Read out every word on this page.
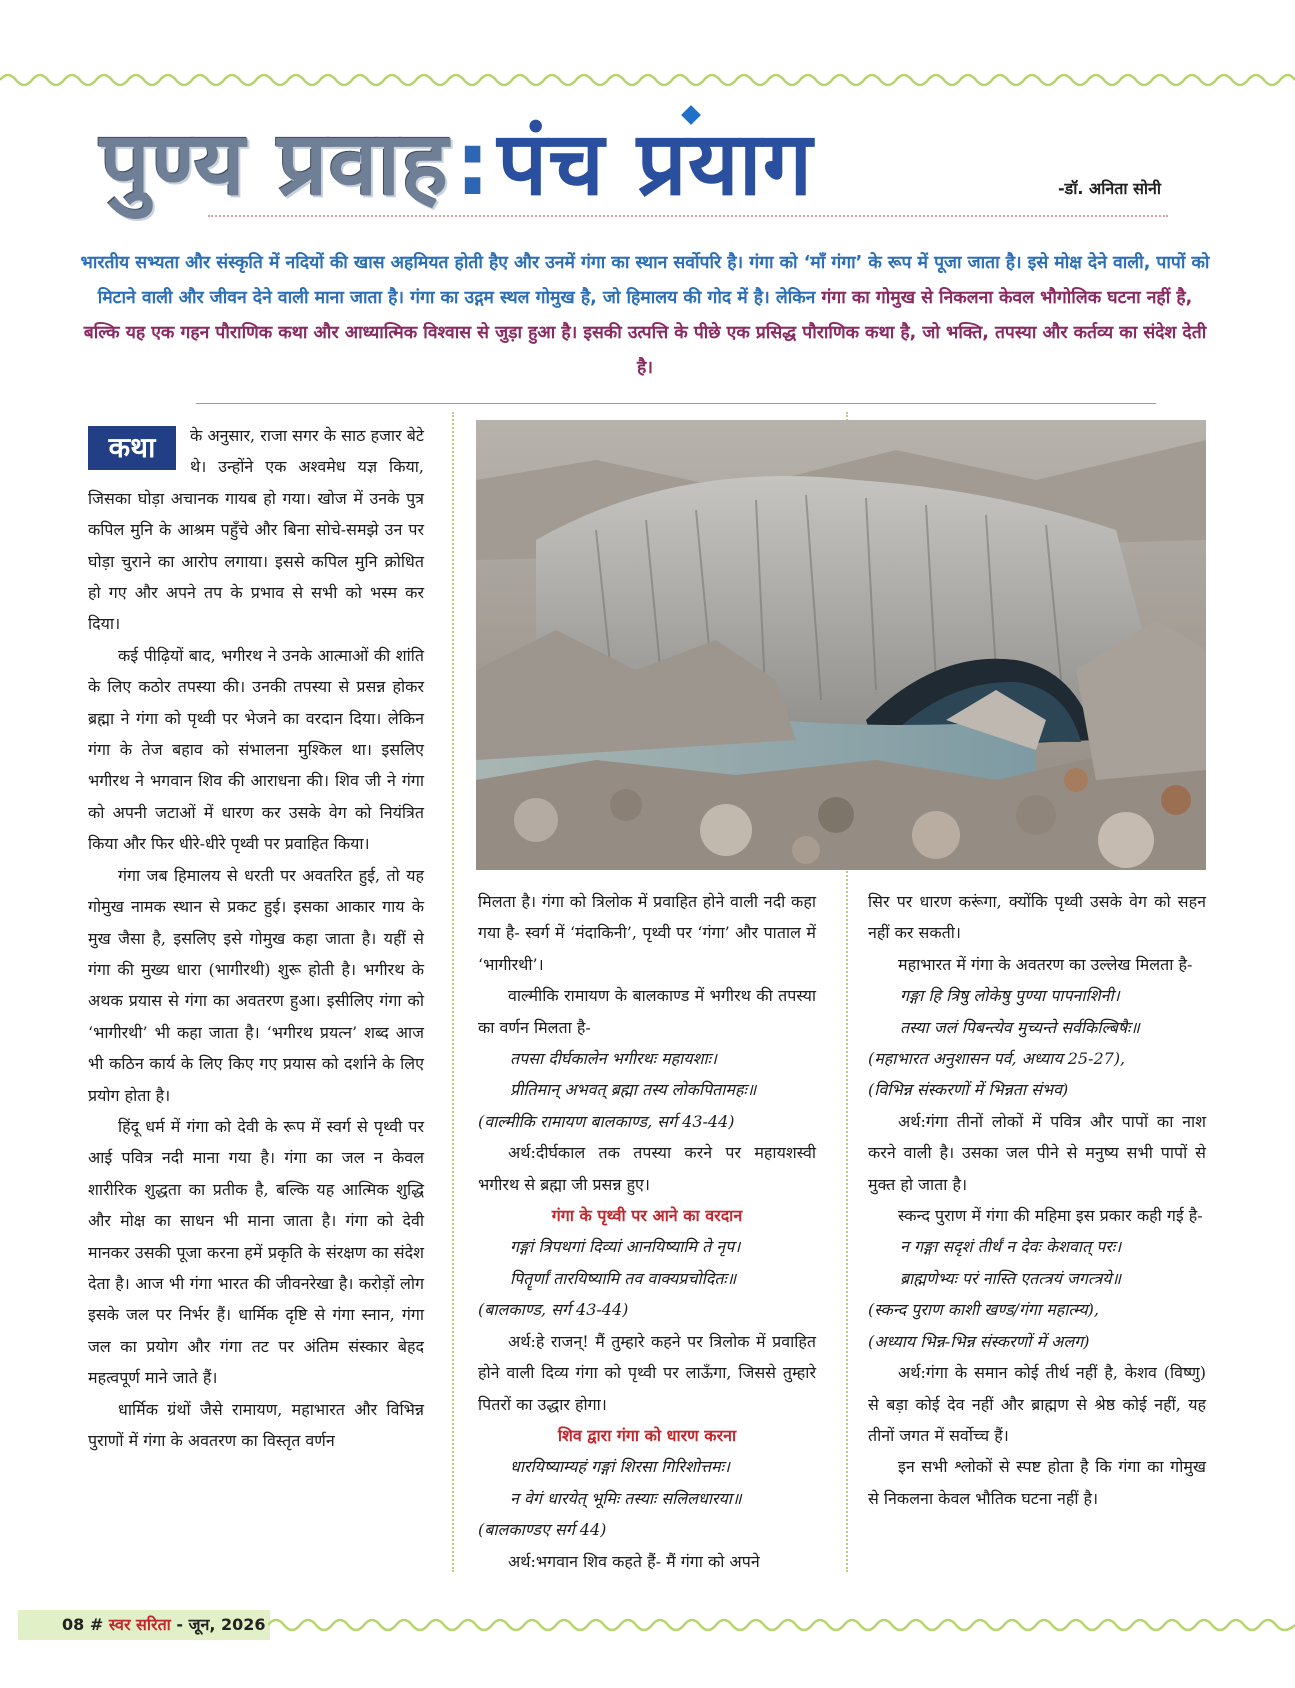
पुण्य प्रवाह:पंच प्रयाग	-डॉ. अनिता सोनी

भारतीय सभ्यता और संस्कृति में नदियों की खास अहमियत होती हैए और उनमें गंगा का स्थान सर्वोपरि है। गंगा को ‘माँ गंगा’ के रूप में पूजा जाता है। इसे मोक्ष देने वाली, पापों को मिटाने वाली और जीवन देने वाली माना जाता है। गंगा का उद्गम स्थल गोमुख है, जो हिमालय की गोद में है। लेकिन गंगा का गोमुख से निकलना केवल भौगोलिक घटना नहीं है, बल्कि यह एक गहन पौराणिक कथा और आध्यात्मिक विश्वास से जुड़ा हुआ है। इसकी उत्पत्ति के पीछे एक प्रसिद्ध पौराणिक कथा है, जो भक्ति, तपस्या और कर्तव्य का संदेश देती है।

कथा	के अनुसार, राजा सगर के साठ हजार बेटे थे। उन्होंने एक अश्वमेध यज्ञ किया, जिसका घोड़ा अचानक गायब हो गया। खोज में उनके पुत्र कपिल मुनि के आश्रम पहुँचे और बिना सोचे-समझे उन पर घोड़ा चुराने का आरोप लगाया। इससे कपिल मुनि क्रोधित हो गए और अपने तप के प्रभाव से सभी को भस्म कर दिया।

कई पीढ़ियों बाद, भगीरथ ने उनके आत्माओं की शांति के लिए कठोर तपस्या की। उनकी तपस्या से प्रसन्न होकर ब्रह्मा ने गंगा को पृथ्वी पर भेजने का वरदान दिया। लेकिन गंगा के तेज बहाव को संभालना मुश्किल था। इसलिए भगीरथ ने भगवान शिव की आराधना की। शिव जी ने गंगा को अपनी जटाओं में धारण कर उसके वेग को नियंत्रित किया और फिर धीरे-धीरे पृथ्वी पर प्रवाहित किया।

गंगा जब हिमालय से धरती पर अवतरित हुई, तो यह गोमुख नामक स्थान से प्रकट हुई। इसका आकार गाय के मुख जैसा है, इसलिए इसे गोमुख कहा जाता है। यहीं से गंगा की मुख्य धारा (भागीरथी) शुरू होती है। भगीरथ के अथक प्रयास से गंगा का अवतरण हुआ। इसीलिए गंगा को ‘भागीरथी’ भी कहा जाता है। ‘भगीरथ प्रयत्न’ शब्द आज भी कठिन कार्य के लिए किए गए प्रयास को दर्शाने के लिए प्रयोग होता है।

हिंदू धर्म में गंगा को देवी के रूप में स्वर्ग से पृथ्वी पर आई पवित्र नदी माना गया है। गंगा का जल न केवल शारीरिक शुद्धता का प्रतीक है, बल्कि यह आत्मिक शुद्धि और मोक्ष का साधन भी माना जाता है। गंगा को देवी मानकर उसकी पूजा करना हमें प्रकृति के संरक्षण का संदेश देता है। आज भी गंगा भारत की जीवनरेखा है। करोड़ों लोग इसके जल पर निर्भर हैं। धार्मिक दृष्टि से गंगा स्नान, गंगा जल का प्रयोग और गंगा तट पर अंतिम संस्कार बेहद महत्वपूर्ण माने जाते हैं।

धार्मिक ग्रंथों जैसे रामायण, महाभारत और विभिन्न पुराणों में गंगा के अवतरण का विस्तृत वर्णन

मिलता है। गंगा को त्रिलोक में प्रवाहित होने वाली नदी कहा गया है- स्वर्ग में ‘मंदाकिनी’, पृथ्वी पर ‘गंगा’ और पाताल में ‘भागीरथी’।

वाल्मीकि रामायण के बालकाण्ड में भगीरथ की तपस्या का वर्णन मिलता है-

तपसा दीर्घकालेन भगीरथः महायशाः।

प्रीतिमान् अभवत् ब्रह्मा तस्य लोकपितामहः॥

(वाल्मीकि रामायण बालकाण्ड, सर्ग 43-44)

अर्थ:दीर्घकाल तक तपस्या करने पर महायशस्वी भगीरथ से ब्रह्मा जी प्रसन्न हुए।

गंगा के पृथ्वी पर आने का वरदान

गङ्गां त्रिपथगां दिव्यां आनयिष्यामि ते नृप।

पितॄर्णां तारयिष्यामि तव वाक्यप्रचोदितः॥

(बालकाण्ड, सर्ग 43-44)

अर्थ:हे राजन्! मैं तुम्हारे कहने पर त्रिलोक में प्रवाहित होने वाली दिव्य गंगा को पृथ्वी पर लाऊँगा, जिससे तुम्हारे पितरों का उद्धार होगा।

शिव द्वारा गंगा को धारण करना

धारयिष्याम्यहं गङ्गां शिरसा गिरिशोत्तमः।

न वेगं धारयेत् भूमिः तस्याः सलिलधारया॥

(बालकाण्डए सर्ग 44)

अर्थ:भगवान शिव कहते हैं- मैं गंगा को अपने

सिर पर धारण करूंगा, क्योंकि पृथ्वी उसके वेग को सहन नहीं कर सकती।

महाभारत में गंगा के अवतरण का उल्लेख मिलता है-

गङ्गा हि त्रिषु लोकेषु पुण्या पापनाशिनी।

तस्या जलं पिबन्त्येव मुच्यन्ते सर्वकिल्बिषैः॥

(महाभारत अनुशासन पर्व, अध्याय 25-27),

(विभिन्न संस्करणों में भिन्नता संभव)

अर्थ:गंगा तीनों लोकों में पवित्र और पापों का नाश करने वाली है। उसका जल पीने से मनुष्य सभी पापों से मुक्त हो जाता है।

स्कन्द पुराण में गंगा की महिमा इस प्रकार कही गई है-

न गङ्गा सदृशं तीर्थं न देवः केशवात् परः।

ब्राह्मणेभ्यः परं नास्ति एतत्त्रयं जगत्त्रये॥

(स्कन्द पुराण काशी खण्ड/गंगा महात्म्य),

(अध्याय भिन्न-भिन्न संस्करणों में अलग)

अर्थ:गंगा के समान कोई तीर्थ नहीं है, केशव (विष्णु) से बड़ा कोई देव नहीं और ब्राह्मण से श्रेष्ठ कोई नहीं, यह तीनों जगत में सर्वोच्च हैं।

इन सभी श्लोकों से स्पष्ट होता है कि गंगा का गोमुख से निकलना केवल भौतिक घटना नहीं है।

08 # स्वर सरिता - जून, 2026
